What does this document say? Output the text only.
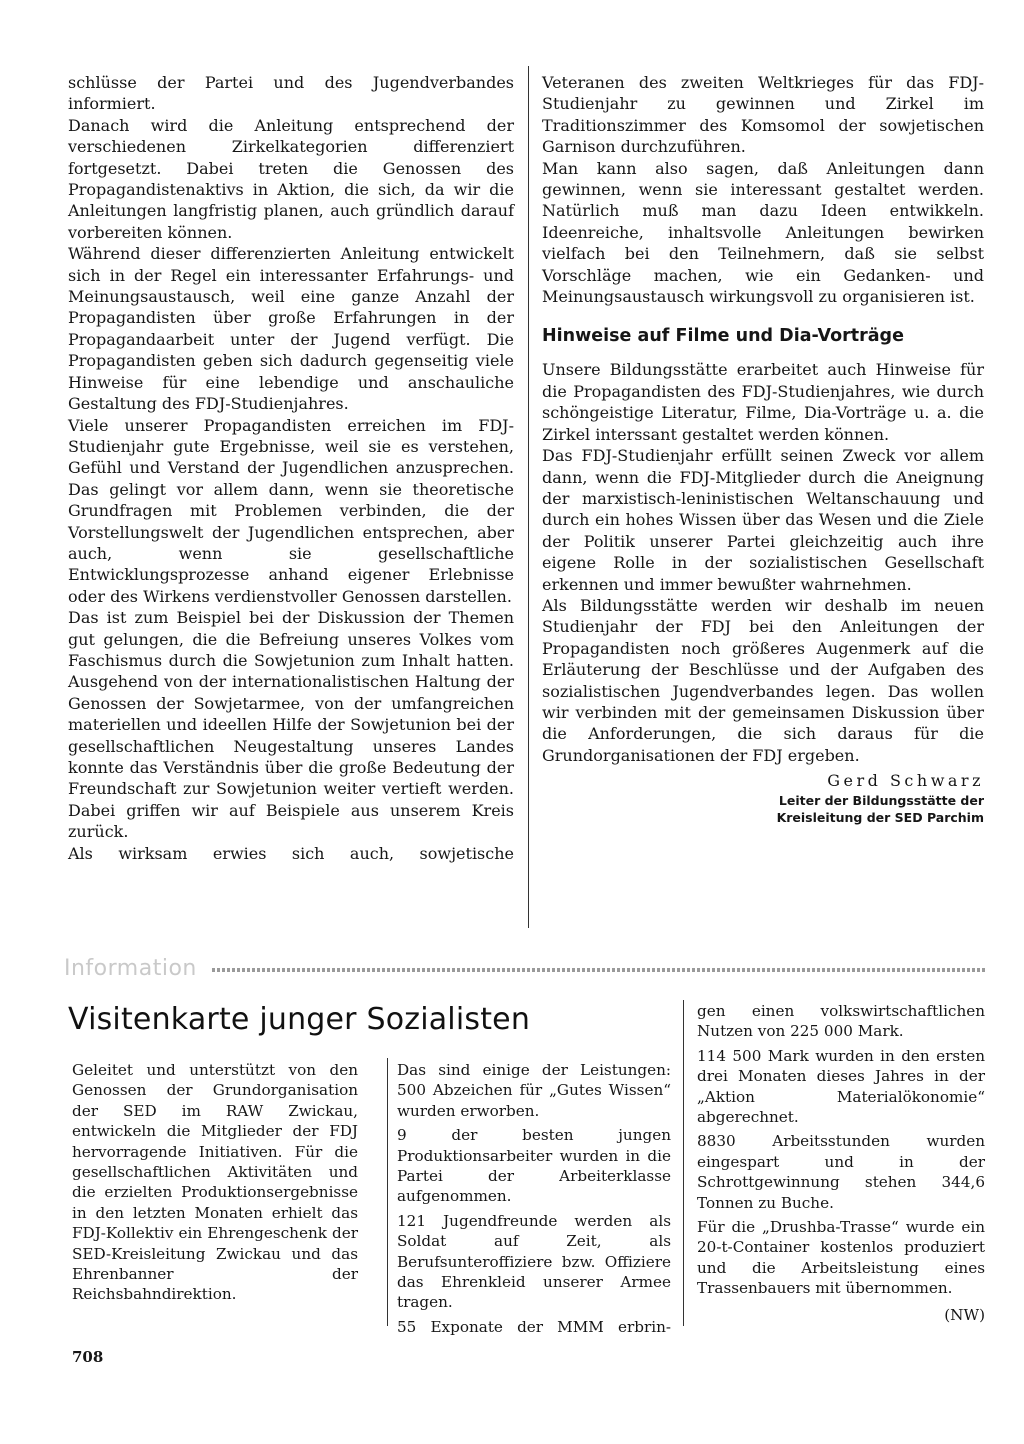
schlüsse der Partei und des Jugendverbandes informiert.

Danach wird die Anleitung entsprechend der verschiedenen Zirkelkategorien differenziert fortgesetzt. Dabei treten die Genossen des Propagandistenaktivs in Aktion, die sich, da wir die Anleitungen langfristig planen, auch gründlich darauf vorbereiten können.

Während dieser differenzierten Anleitung entwickelt sich in der Regel ein interessanter Erfahrungs- und Meinungsaustausch, weil eine ganze Anzahl der Propagandisten über große Erfahrungen in der Propagandaarbeit unter der Jugend verfügt. Die Propagandisten geben sich dadurch gegenseitig viele Hinweise für eine lebendige und anschauliche Gestaltung des FDJ-Studienjahres.

Viele unserer Propagandisten erreichen im FDJ-Studienjahr gute Ergebnisse, weil sie es verstehen, Gefühl und Verstand der Jugendlichen anzusprechen. Das gelingt vor allem dann, wenn sie theoretische Grundfragen mit Problemen verbinden, die der Vorstellungswelt der Jugendlichen entsprechen, aber auch, wenn sie gesellschaftliche Entwicklungsprozesse anhand eigener Erlebnisse oder des Wirkens verdienstvoller Genossen darstellen.

Das ist zum Beispiel bei der Diskussion der Themen gut gelungen, die die Befreiung unseres Volkes vom Faschismus durch die Sowjetunion zum Inhalt hatten. Ausgehend von der internationalistischen Haltung der Genossen der Sowjetarmee, von der umfangreichen materiellen und ideellen Hilfe der Sowjetunion bei der gesellschaftlichen Neugestaltung unseres Landes konnte das Verständnis über die große Bedeutung der Freundschaft zur Sowjetunion weiter vertieft werden. Dabei griffen wir auf Beispiele aus unserem Kreis zurück.

Als wirksam erwies sich auch, sowjetische

Veteranen des zweiten Weltkrieges für das FDJ-Studienjahr zu gewinnen und Zirkel im Traditionszimmer des Komsomol der sowjetischen Garnison durchzuführen.

Man kann also sagen, daß Anleitungen dann gewinnen, wenn sie interessant gestaltet werden. Natürlich muß man dazu Ideen entwikkeln. Ideenreiche, inhaltsvolle Anleitungen bewirken vielfach bei den Teilnehmern, daß sie selbst Vorschläge machen, wie ein Gedanken- und Meinungsaustausch wirkungsvoll zu organisieren ist.

Hinweise auf Filme und Dia-Vorträge

Unsere Bildungsstätte erarbeitet auch Hinweise für die Propagandisten des FDJ-Studienjahres, wie durch schöngeistige Literatur, Filme, Dia-Vorträge u. a. die Zirkel interssant gestaltet werden können.

Das FDJ-Studienjahr erfüllt seinen Zweck vor allem dann, wenn die FDJ-Mitglieder durch die Aneignung der marxistisch-leninistischen Weltanschauung und durch ein hohes Wissen über das Wesen und die Ziele der Politik unserer Partei gleichzeitig auch ihre eigene Rolle in der sozialistischen Gesellschaft erkennen und immer bewußter wahrnehmen.

Als Bildungsstätte werden wir deshalb im neuen Studienjahr der FDJ bei den Anleitungen der Propagandisten noch größeres Augenmerk auf die Erläuterung der Beschlüsse und der Aufgaben des sozialistischen Jugendverbandes legen. Das wollen wir verbinden mit der gemeinsamen Diskussion über die Anforderungen, die sich daraus für die Grundorganisationen der FDJ ergeben.

Gerd Schwarz
Leiter der Bildungsstätte der
Kreisleitung der SED Parchim
Information
Visitenkarte junger Sozialisten

Geleitet und unterstützt von den Genossen der Grundorganisation der SED im RAW Zwickau, entwickeln die Mitglieder der FDJ hervorragende Initiativen. Für die gesellschaftlichen Aktivitäten und die erzielten Produktionsergebnisse in den letzten Monaten erhielt das FDJ-Kollektiv ein Ehrengeschenk der SED-Kreisleitung Zwickau und das Ehrenbanner der Reichsbahndirektion.

Das sind einige der Leistungen: 500 Abzeichen für „Gutes Wissen“ wurden erworben.

9 der besten jungen Produktionsarbeiter wurden in die Partei der Arbeiterklasse aufgenommen.

121 Jugendfreunde werden als Soldat auf Zeit, als Berufsunteroffiziere bzw. Offiziere das Ehrenkleid unserer Armee tragen.

55 Exponate der MMM erbrin-

gen einen volkswirtschaftlichen Nutzen von 225 000 Mark.

114 500 Mark wurden in den ersten drei Monaten dieses Jahres in der „Aktion Materialökonomie“ abgerechnet.

8830 Arbeitsstunden wurden eingespart und in der Schrottgewinnung stehen 344,6 Tonnen zu Buche.

Für die „Drushba-Trasse“ wurde ein 20-t-Container kostenlos produziert und die Arbeitsleistung eines Trassenbauers mit übernommen.

(NW)
708
